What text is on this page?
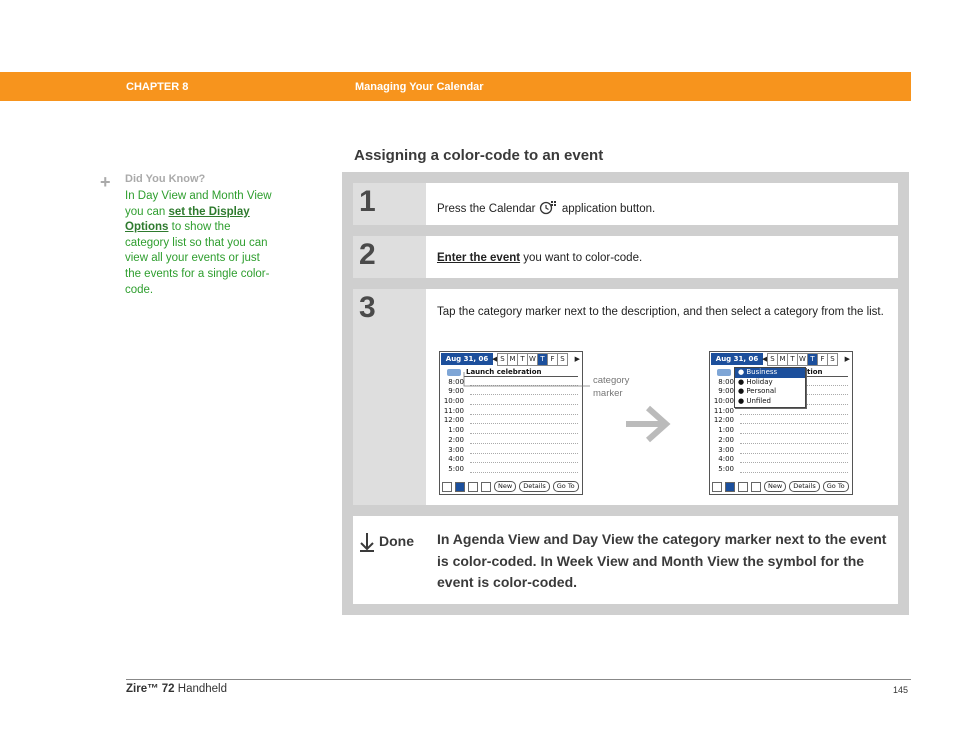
CHAPTER 8	Managing Your Calendar
+ Did You Know?
In Day View and Month View you can set the Display Options to show the category list so that you can view all your events or just the events for a single color-code.
Assigning a color-code to an event
1	Press the Calendar application button.
2	Enter the event you want to color-code.
3	Tap the category marker next to the description, and then select a category from the list.
Aug 31, 06 ◀ S M T W T F S	▶
Launch celebration
8:00
9:00
10:00
11:00
12:00
1:00
2:00
3:00
4:00
5:00
New	Details	Go To
Aug 31, 06 ◀ S M T W T F S	▶
tion
8:00
9:00
10:00
11:00
12:00
1:00
2:00
3:00
4:00
5:00
● Business
● Holiday
● Personal
● Unfiled
New	Details	Go To
category
marker
Done In Agenda View and Day View the category marker next to the event is color-coded. In Week View and Month View the symbol for the event is color-coded.
Zire™ 72 Handheld	145
